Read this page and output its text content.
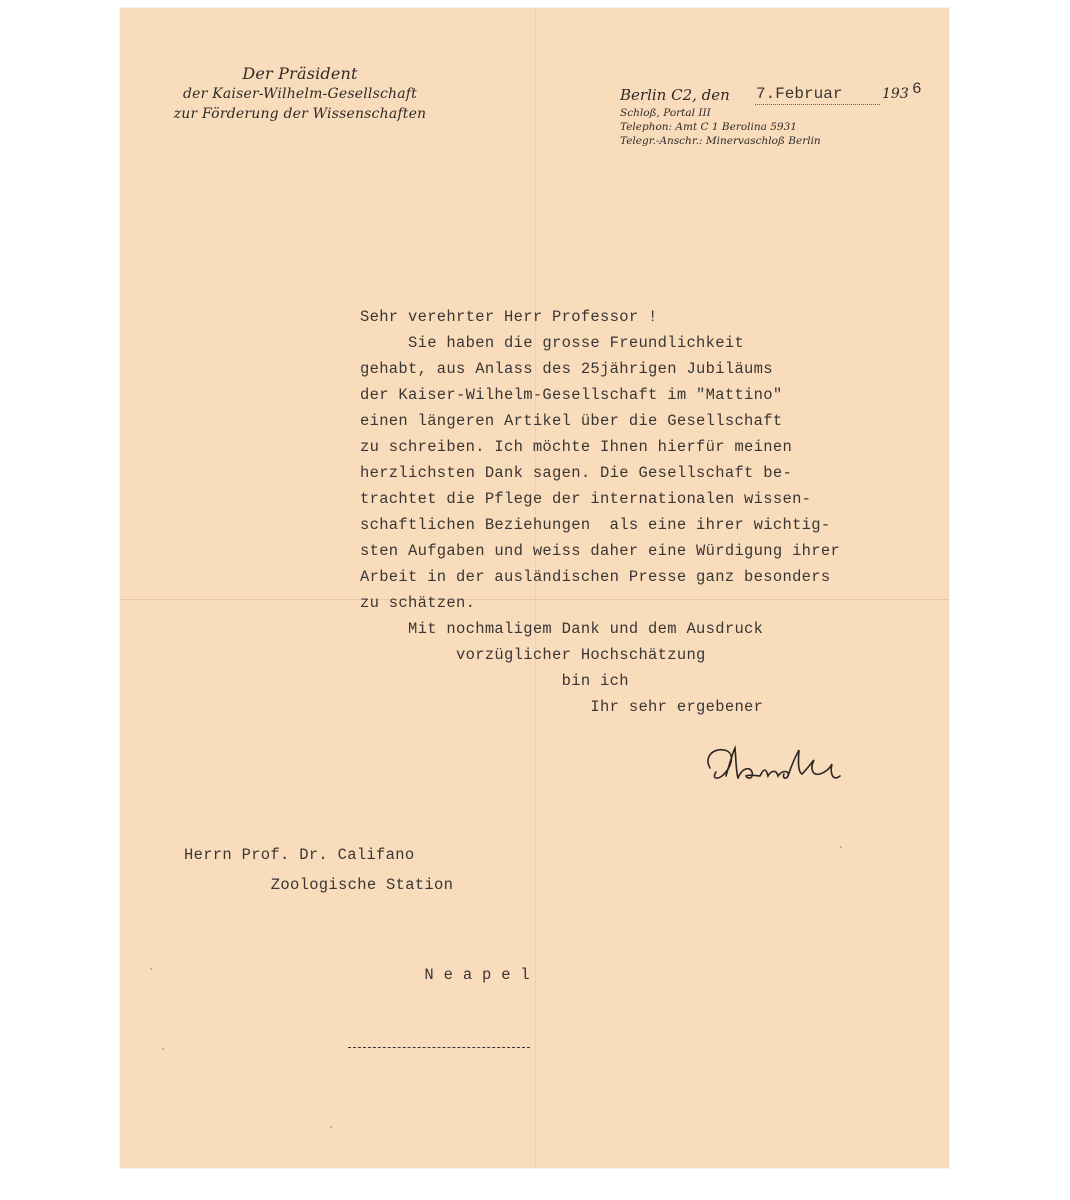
Der Präsident
der Kaiser-Wilhelm-Gesellschaft
zur Förderung der Wissenschaften
Berlin C2, den 7.Februar	193 6
Schloß, Portal III
Telephon: Amt C 1 Berolina 5931
Telegr.-Anschr.: Minervaschloß Berlin
Sehr verehrter Herr Professor !
Sie haben die grosse Freundlichkeit
gehabt, aus Anlass des 25jährigen Jubiläums
der Kaiser-Wilhelm-Gesellschaft im "Mattino"
einen längeren Artikel über die Gesellschaft
zu schreiben. Ich möchte Ihnen hierfür meinen
herzlichsten Dank sagen. Die Gesellschaft be-
trachtet die Pflege der internationalen wissen-
schaftlichen Beziehungen  als eine ihrer wichtig-
sten Aufgaben und weiss daher eine Würdigung ihrer
Arbeit in der ausländischen Presse ganz besonders
zu schätzen.
Mit nochmaligem Dank und dem Ausdruck
vorzüglicher Hochschätzung
bin ich
Ihr sehr ergebener
Herrn Prof. Dr. Califano
Zoologische Station

N e a p e l
